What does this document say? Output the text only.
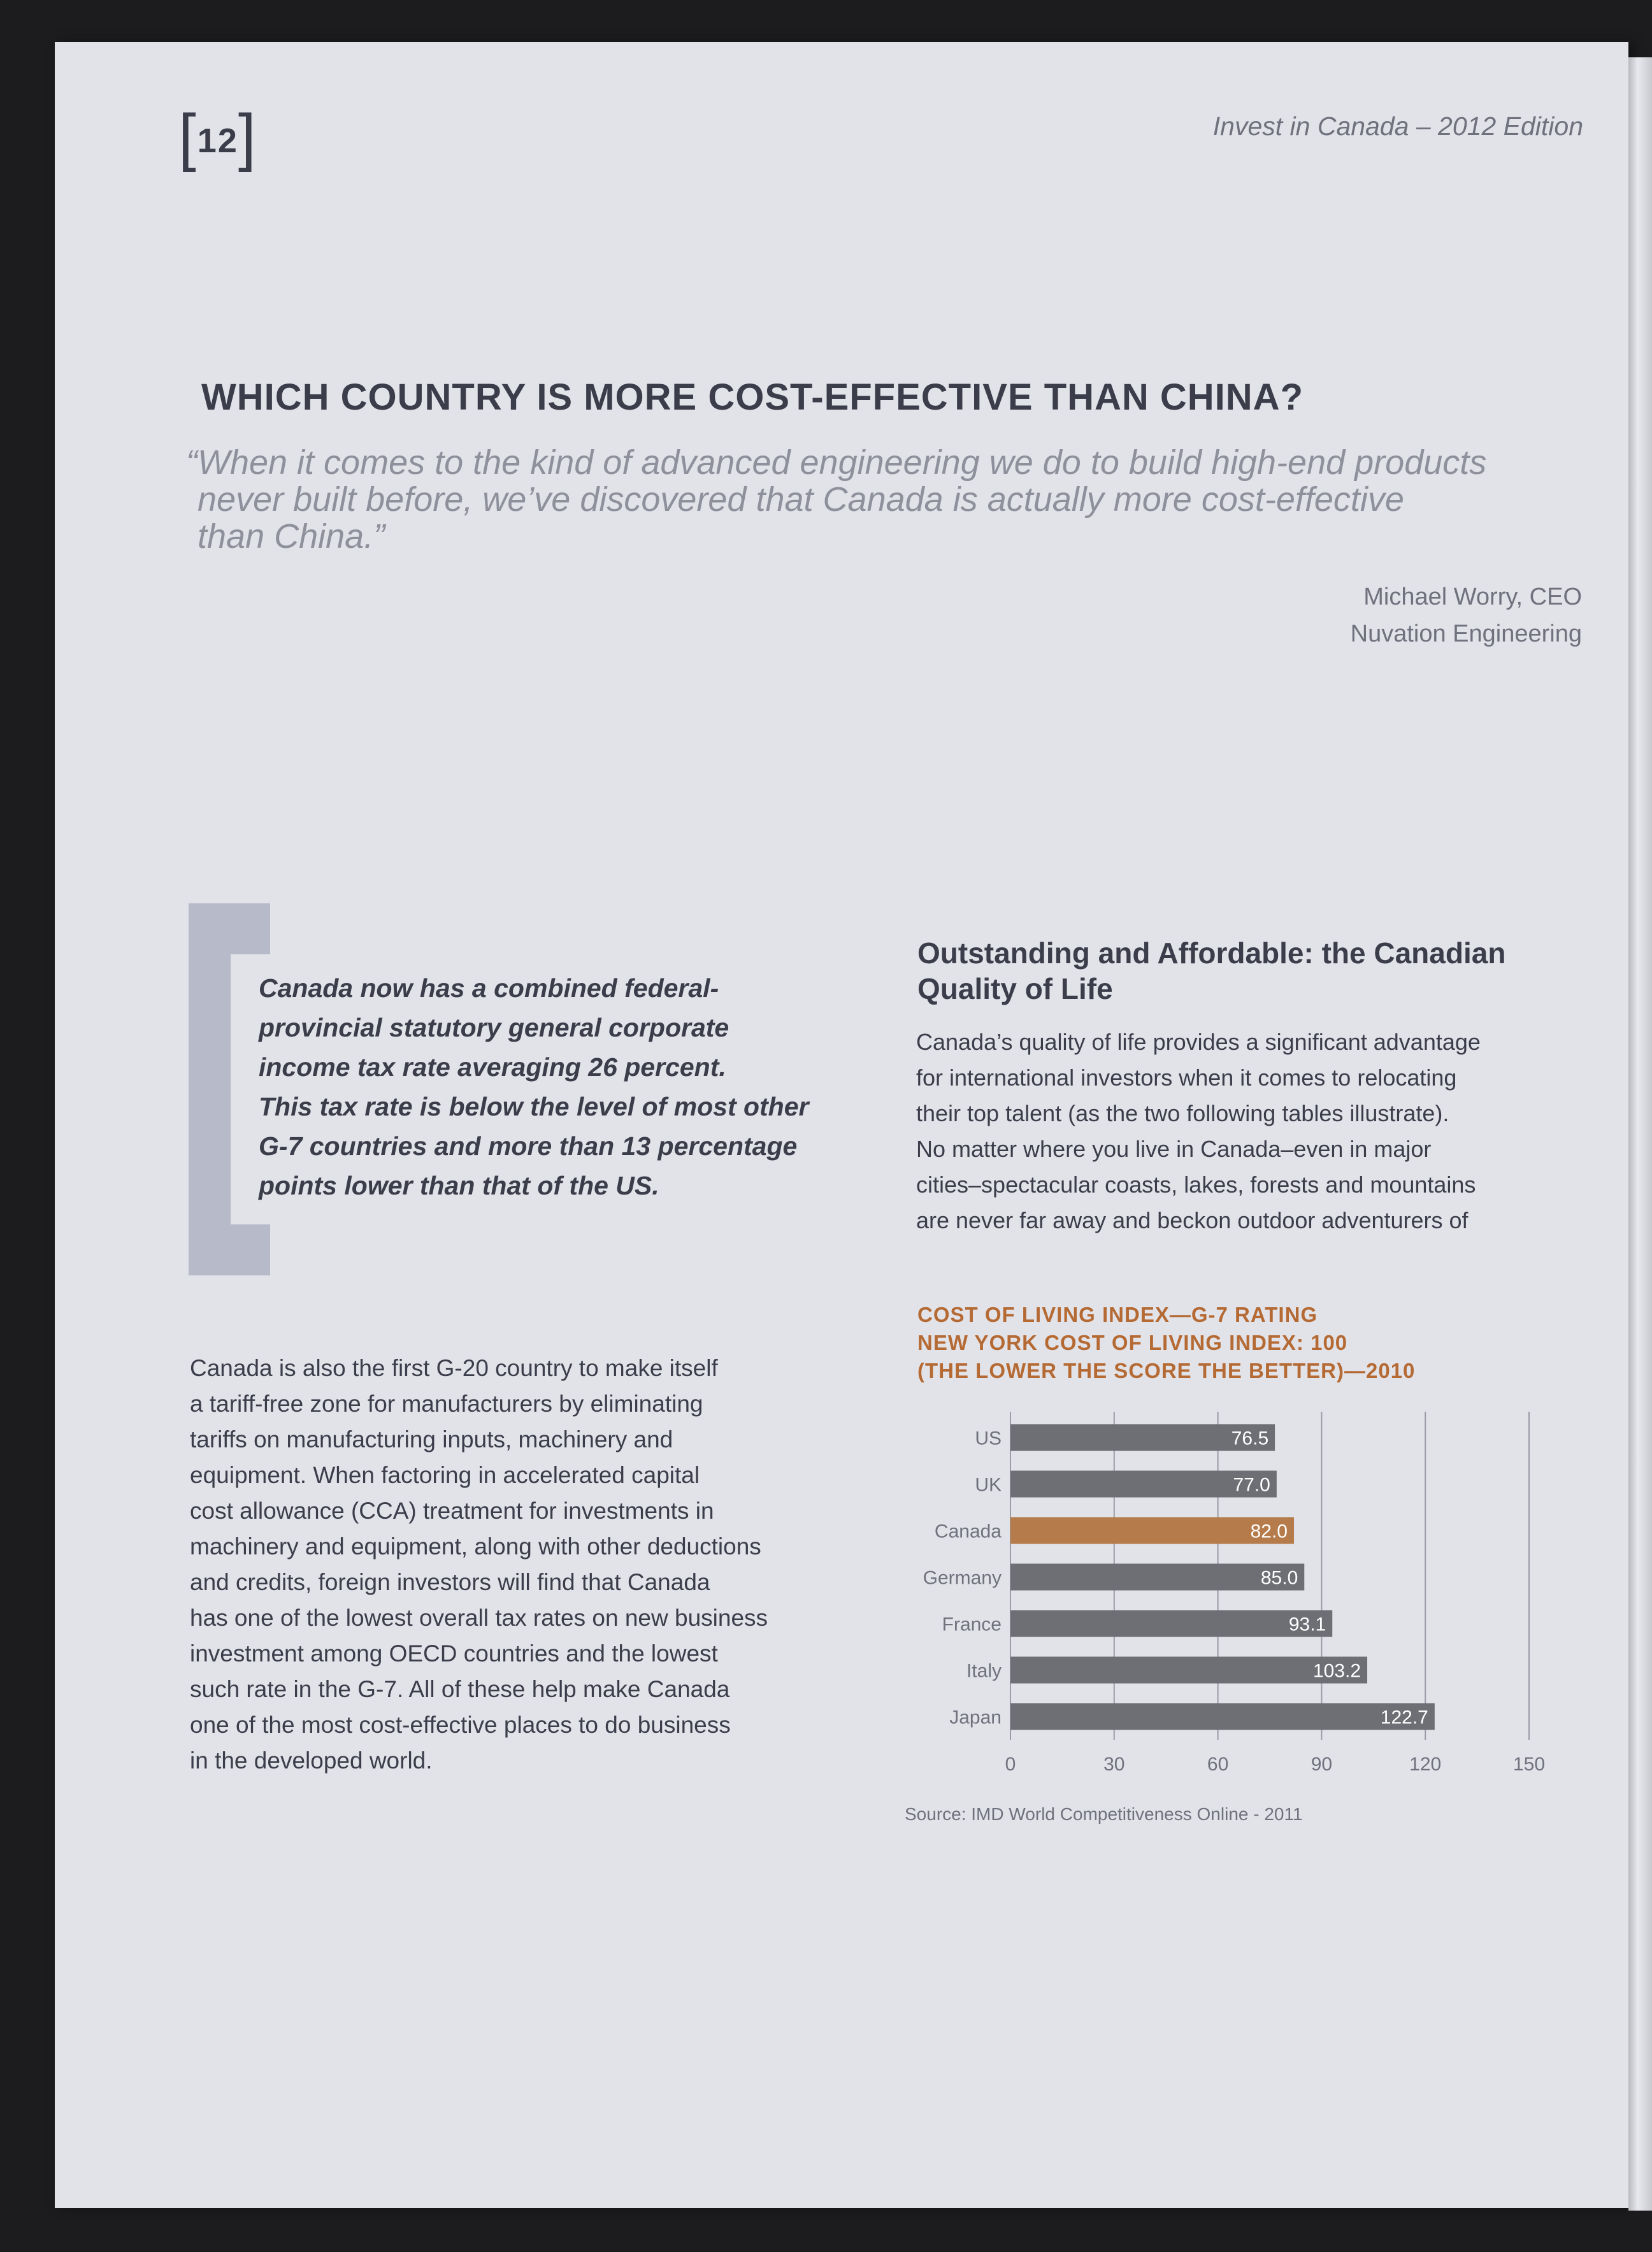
[12]	Invest in Canada – 2012 Edition
WHICH COUNTRY IS MORE COST-EFFECTIVE THAN CHINA?

“When it comes to the kind of advanced engineering we do to build high-end products

never built before, we’ve discovered that Canada is actually more cost-effective

than China.”

Michael Worry, CEO
Nuvation Engineering

Canada now has a combined federal-

provincial statutory general corporate

income tax rate averaging 26 percent.

This tax rate is below the level of most other

G-7 countries and more than 13 percentage

points lower than that of the US.

Outstanding and Affordable: the Canadian
Quality of Life

Canada’s quality of life provides a significant advantage

for international investors when it comes to relocating

their top talent (as the two following tables illustrate).

No matter where you live in Canada–even in major

cities–spectacular coasts, lakes, forests and mountains

are never far away and beckon outdoor adventurers of

Canada is also the first G-20 country to make itself

a tariff-free zone for manufacturers by eliminating

tariffs on manufacturing inputs, machinery and

equipment. When factoring in accelerated capital

cost allowance (CCA) treatment for investments in

machinery and equipment, along with other deductions

and credits, foreign investors will find that Canada

has one of the lowest overall tax rates on new business

investment among OECD countries and the lowest

such rate in the G-7. All of these help make Canada

one of the most cost-effective places to do business

in the developed world.

COST OF LIVING INDEX—G-7 RATING

NEW YORK COST OF LIVING INDEX: 100

(THE LOWER THE SCORE THE BETTER)—2010

US	76.5
UK	77.0
Canada	82.0
Germany	85.0
France	93.1
Italy	103.2
Japan	122.7
0	30	60	90	120	150
Source: IMD World Competitiveness Online - 2011
